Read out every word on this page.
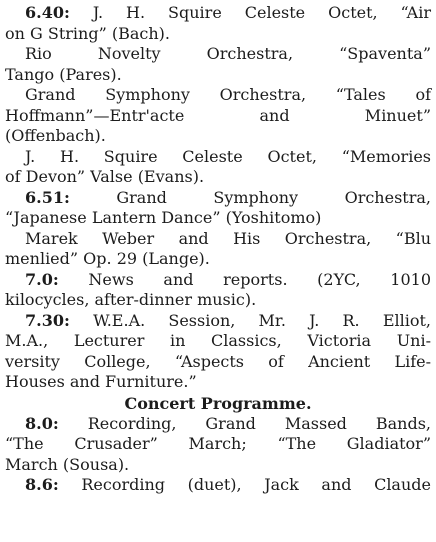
6.40: J. H. Squire Celeste Octet, “Air
on G String” (Bach).
Rio Novelty Orchestra, “Spaventa”
Tango (Pares).
Grand Symphony Orchestra, “Tales of
Hoffmann”—Entr'acte and Minuet”
(Offenbach).
J. H. Squire Celeste Octet, “Memories
of Devon” Valse (Evans).
6.51:	Grand Symphony Orchestra,
“Japanese Lantern Dance” (Yoshitomo)
Marek Weber and His Orchestra, “Blu
menlied” Op. 29 (Lange).
7.0: News and reports. (2YC, 1010
kilocycles, after-dinner music).
7.30: W.E.A. Session, Mr. J. R. Elliot,
M.A., Lecturer in Classics, Victoria Uni-
versity College, “Aspects of Ancient Life-
Houses and Furniture.”
Concert Programme.
8.0: Recording, Grand Massed Bands,
“The Crusader” March; “The Gladiator”
March (Sousa).
8.6: Recording (duet), Jack and Claude
